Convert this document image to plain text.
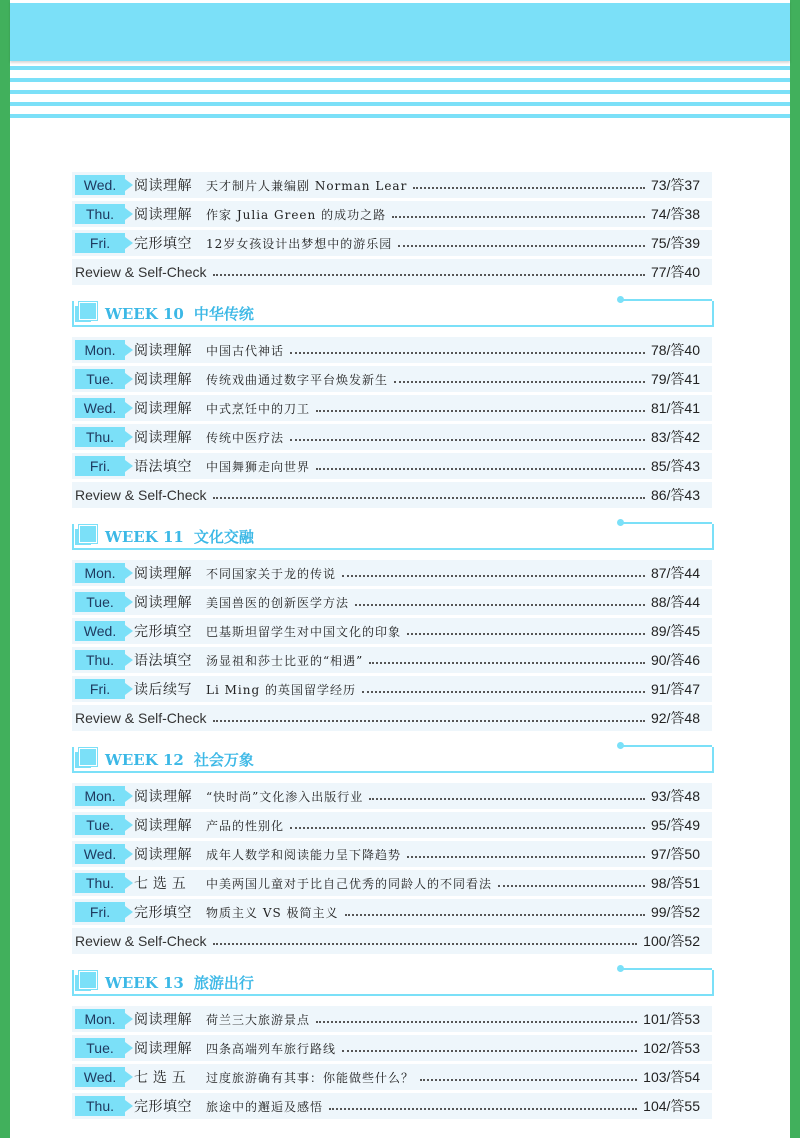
Wed.	阅读理解	天才制片人兼编剧 Norman Lear	73/答37
Thu.	阅读理解	作家 Julia Green 的成功之路	74/答38
Fri.	完形填空	12岁女孩设计出梦想中的游乐园	75/答39
Review & Self-Check	77/答40
WEEK 10 中华传统
Mon.	阅读理解	中国古代神话	78/答40
Tue.	阅读理解	传统戏曲通过数字平台焕发新生	79/答41
Wed.	阅读理解	中式烹饪中的刀工	81/答41
Thu.	阅读理解	传统中医疗法	83/答42
Fri.	语法填空	中国舞狮走向世界	85/答43
Review & Self-Check	86/答43
WEEK 11 文化交融
Mon.	阅读理解	不同国家关于龙的传说	87/答44
Tue.	阅读理解	美国兽医的创新医学方法	88/答44
Wed.	完形填空	巴基斯坦留学生对中国文化的印象	89/答45
Thu.	语法填空	汤显祖和莎士比亚的“相遇”	90/答46
Fri.	读后续写	Li Ming 的英国留学经历	91/答47
Review & Self-Check	92/答48
WEEK 12 社会万象
Mon.	阅读理解	“快时尚”文化渗入出版行业	93/答48
Tue.	阅读理解	产品的性别化	95/答49
Wed.	阅读理解	成年人数学和阅读能力呈下降趋势	97/答50
Thu.	七 选 五	中美两国儿童对于比自己优秀的同龄人的不同看法	98/答51
Fri.	完形填空	物质主义 VS 极简主义	99/答52
Review & Self-Check	100/答52
WEEK 13 旅游出行
Mon.	阅读理解	荷兰三大旅游景点	101/答53
Tue.	阅读理解	四条高端列车旅行路线	102/答53
Wed.	七 选 五	过度旅游确有其事：你能做些什么？	103/答54
Thu.	完形填空	旅途中的邂逅及感悟	104/答55
